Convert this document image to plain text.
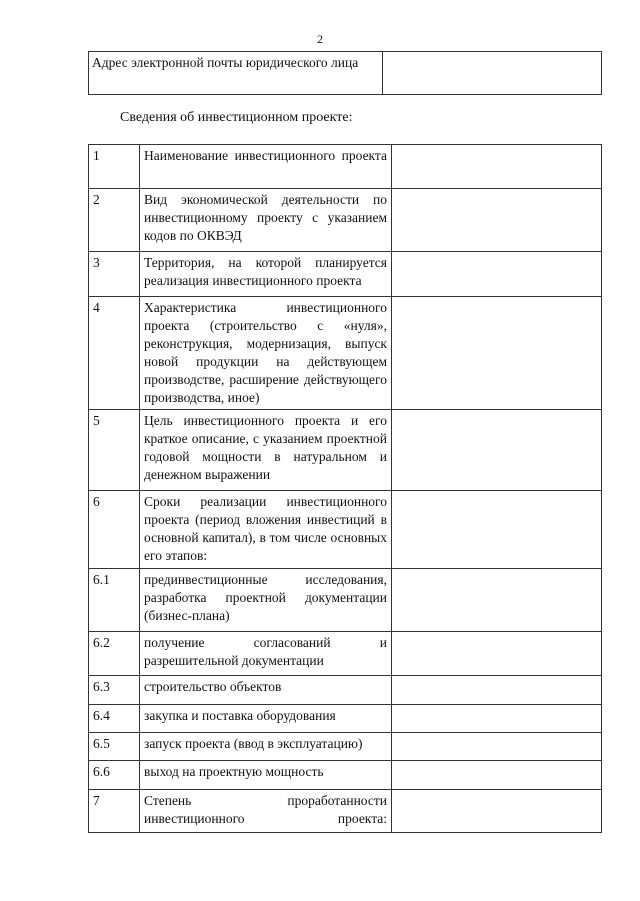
2
Адрес электронной почты юридического лица	
Сведения об инвестиционном проекте:
1	Наименование инвестиционного проекта	
2	Вид экономической деятельности по инвестиционному проекту с указанием кодов по ОКВЭД	
3	Территория, на которой планируется реализация инвестиционного проекта	
4	Характеристика инвестиционного проекта (строительство с «нуля», реконструкция, модернизация, выпуск новой продукции на действующем производстве, расширение действующего производства, иное)	
5	Цель инвестиционного проекта и его краткое описание, с указанием проектной годовой мощности в натуральном и денежном выражении	
6	Сроки реализации инвестиционного проекта (период вложения инвестиций в основной капитал), в том числе основных его этапов:	
6.1	прединвестиционные исследования, разработка проектной документации (бизнес-плана)	
6.2	получение согласований и разрешительной документации	
6.3	строительство объектов	
6.4	закупка и поставка оборудования	
6.5	запуск проекта (ввод в эксплуатацию)	
6.6	выход на проектную мощность	
7	Степень проработанности инвестиционного проекта:	
